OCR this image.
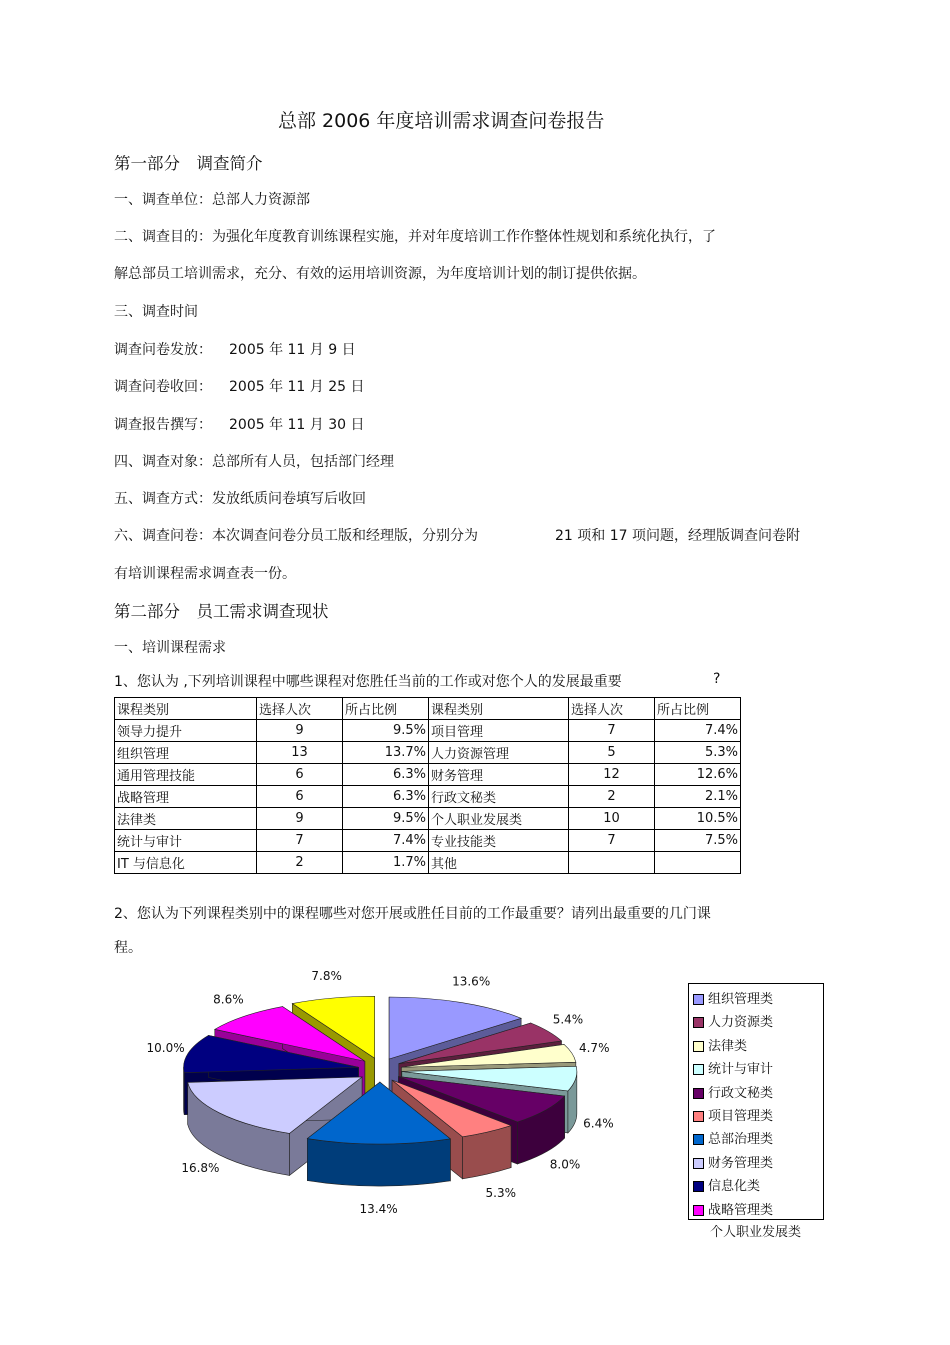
总部 2006 年度培训需求调查问卷报告
第一部分　调查简介
一、调查单位：总部人力资源部
二、调查目的：为强化年度教育训练课程实施，并对年度培训工作作整体性规划和系统化执行，了
解总部员工培训需求，充分、有效的运用培训资源，为年度培训计划的制订提供依据。
三、调查时间
调查问卷发放： 2005 年 11 月 9 日
调查问卷收回： 2005 年 11 月 25 日
调查报告撰写： 2005 年 11 月 30 日
四、调查对象：总部所有人员，包括部门经理
五、调查方式：发放纸质问卷填写后收回
六、调查问卷：本次调查问卷分员工版和经理版，分别分为	21 项和 17 项问题，经理版调查问卷附
有培训课程需求调查表一份。
第二部分　员工需求调查现状
一、培训课程需求
1、您认为 ,下列培训课程中哪些课程对您胜任当前的工作或对您个人的发展最重要	?
课程类别	选择人次	所占比例	课程类别	选择人次	所占比例
领导力提升	9	9.5%	项目管理	7	7.4%
组织管理	13	13.7%	人力资源管理	5	5.3%
通用管理技能	6	6.3%	财务管理	12	12.6%
战略管理	6	6.3%	行政文秘类	2	2.1%
法律类	9	9.5%	个人职业发展类	10	10.5%
统计与审计	7	7.4%	专业技能类	7	7.5%
IT 与信息化	2	1.7%	其他		
2、您认为下列课程类别中的课程哪些对您开展或胜任目前的工作最重要？请列出最重要的几门课
程。
13.6%
5.4%
4.7%
6.4%
8.0%
5.3%
13.4%
16.8%
10.0%
8.6%
7.8%
组织管理类
人力资源类
法律类
统计与审计
行政文秘类
项目管理类
总部治理类
财务管理类
信息化类
战略管理类
个人职业发展类
